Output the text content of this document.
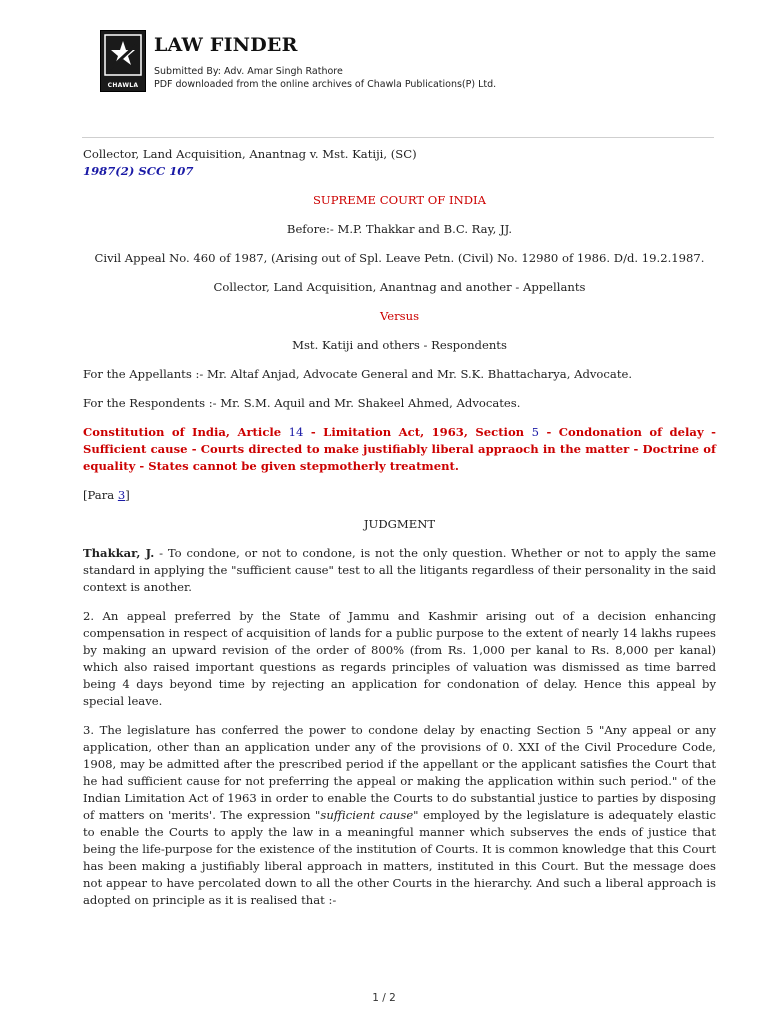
CHAWLA
LAW FINDER
Submitted By: Adv. Amar Singh Rathore
PDF downloaded from the online archives of Chawla Publications(P) Ltd.

Collector, Land Acquisition, Anantnag v. Mst. Katiji, (SC)

1987(2) SCC 107

SUPREME COURT OF INDIA

Before:- M.P. Thakkar and B.C. Ray, JJ.

Civil Appeal No. 460 of 1987, (Arising out of Spl. Leave Petn. (Civil) No. 12980 of 1986. D/d. 19.2.1987.

Collector, Land Acquisition, Anantnag and another - Appellants

Versus

Mst. Katiji and others - Respondents

For the Appellants :- Mr. Altaf Anjad, Advocate General and Mr. S.K. Bhattacharya, Advocate.

For the Respondents :- Mr. S.M. Aquil and Mr. Shakeel Ahmed, Advocates.

Constitution of India, Article 14 - Limitation Act, 1963, Section 5 - Condonation of delay - Sufficient cause - Courts directed to make justifiably liberal appraoch in the matter - Doctrine of equality - States cannot be given stepmotherly treatment.

[Para 3]

JUDGMENT

Thakkar, J. - To condone, or not to condone, is not the only question. Whether or not to apply the same standard in applying the "sufficient cause" test to all the litigants regardless of their personality in the said context is another.

2. An appeal preferred by the State of Jammu and Kashmir arising out of a decision enhancing compensation in respect of acquisition of lands for a public purpose to the extent of nearly 14 lakhs rupees by making an upward revision of the order of 800% (from Rs. 1,000 per kanal to Rs. 8,000 per kanal) which also raised important questions as regards principles of valuation was dismissed as time barred being 4 days beyond time by rejecting an application for condonation of delay. Hence this appeal by special leave.

3. The legislature has conferred the power to condone delay by enacting Section 5 "Any appeal or any application, other than an application under any of the provisions of 0. XXI of the Civil Procedure Code, 1908, may be admitted after the prescribed period if the appellant or the applicant satisfies the Court that he had sufficient cause for not preferring the appeal or making the application within such period." of the Indian Limitation Act of 1963 in order to enable the Courts to do substantial justice to parties by disposing of matters on 'merits'. The expression "sufficient cause" employed by the legislature is adequately elastic to enable the Courts to apply the law in a meaningful manner which subserves the ends of justice that being the life-purpose for the existence of the institution of Courts. It is common knowledge that this Court has been making a justifiably liberal approach in matters, instituted in this Court. But the message does not appear to have percolated down to all the other Courts in the hierarchy. And such a liberal approach is adopted on principle as it is realised that :-

1 / 2
